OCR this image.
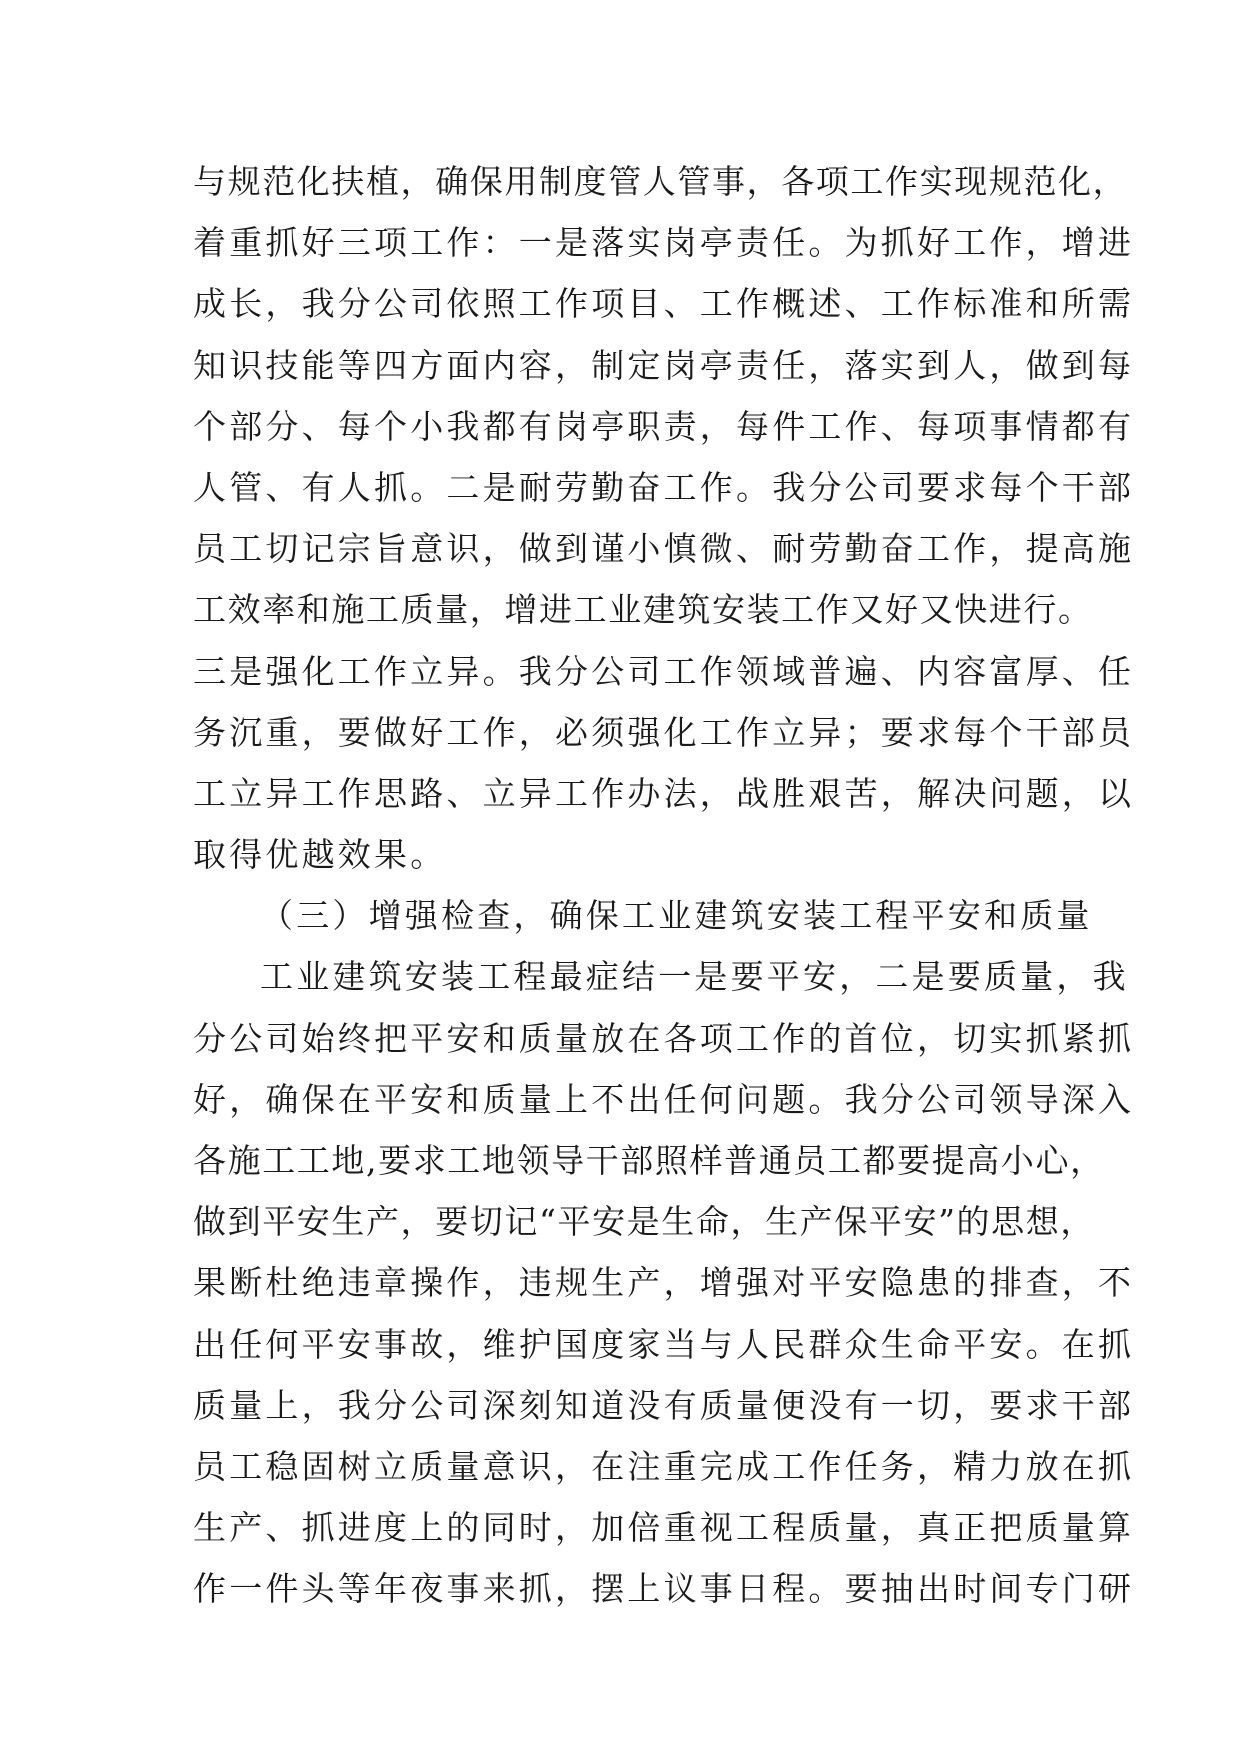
与规范化扶植，确保用制度管人管事，各项工作实现规范化，
着重抓好三项工作：一是落实岗亭责任。为抓好工作，增进
成长，我分公司依照工作项目、工作概述、工作标准和所需
知识技能等四方面内容，制定岗亭责任，落实到人，做到每
个部分、每个小我都有岗亭职责，每件工作、每项事情都有
人管、有人抓。二是耐劳勤奋工作。我分公司要求每个干部
员工切记宗旨意识，做到谨小慎微、耐劳勤奋工作，提高施
工效率和施工质量，增进工业建筑安装工作又好又快进行。
三是强化工作立异。我分公司工作领域普遍、内容富厚、任
务沉重，要做好工作，必须强化工作立异；要求每个干部员
工立异工作思路、立异工作办法，战胜艰苦，解决问题，以
取得优越效果。
（三）增强检查，确保工业建筑安装工程平安和质量
工业建筑安装工程最症结一是要平安，二是要质量，我
分公司始终把平安和质量放在各项工作的首位，切实抓紧抓
好，确保在平安和质量上不出任何问题。我分公司领导深入
各施工工地,要求工地领导干部照样普通员工都要提高小心，
做到平安生产，要切记“平安是生命，生产保平安”的思想，
果断杜绝违章操作，违规生产，增强对平安隐患的排查，不
出任何平安事故，维护国度家当与人民群众生命平安。在抓
质量上，我分公司深刻知道没有质量便没有一切，要求干部
员工稳固树立质量意识，在注重完成工作任务，精力放在抓
生产、抓进度上的同时，加倍重视工程质量，真正把质量算
作一件头等年夜事来抓，摆上议事日程。要抽出时间专门研
